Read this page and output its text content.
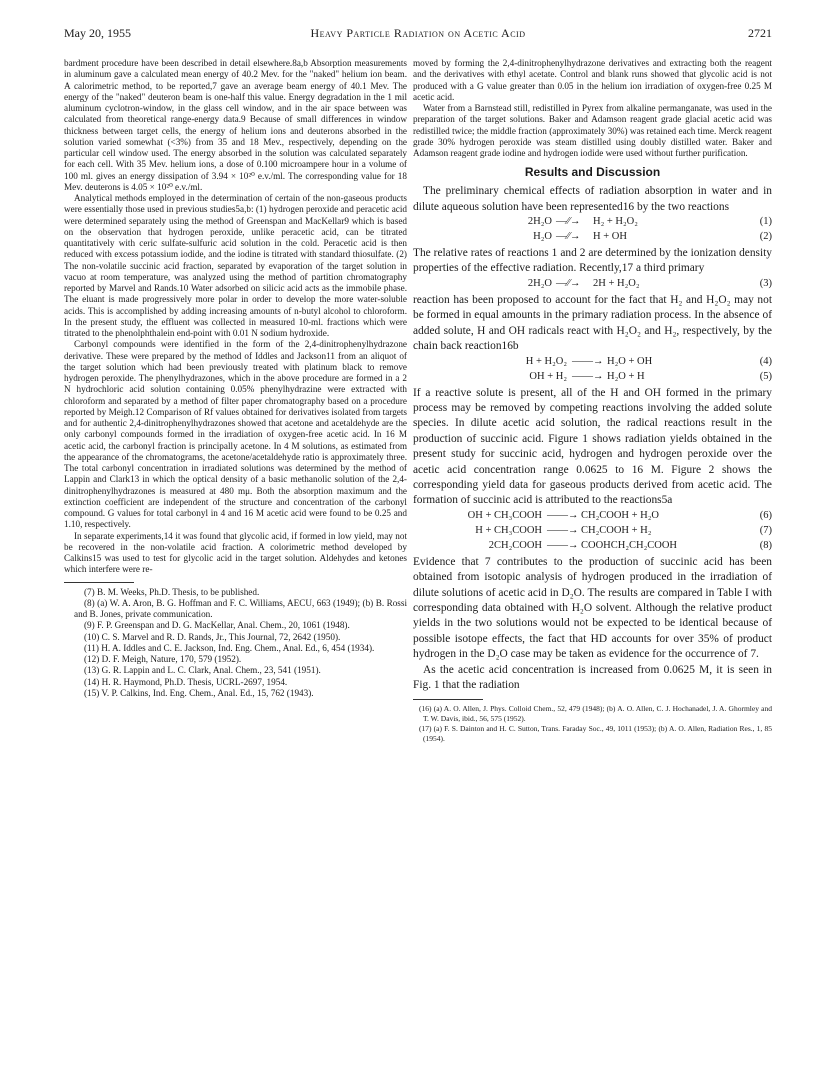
May 20, 1955	Heavy Particle Radiation on Acetic Acid	2721

bardment procedure have been described in detail elsewhere.8a,b Absorption measurements in aluminum gave a calculated mean energy of 40.2 Mev. for the "naked" helium ion beam. A calorimetric method, to be reported,7 gave an average beam energy of 40.1 Mev. The energy of the "naked" deuteron beam is one-half this value. Energy degradation in the 1 mil aluminum cyclotron-window, in the glass cell window, and in the air space between was calculated from theoretical range-energy data.9 Because of small differences in window thickness between target cells, the energy of helium ions and deuterons absorbed in the solution varied somewhat (<3%) from 35 and 18 Mev., respectively, depending on the particular cell window used. The energy absorbed in the solution was calculated separately for each cell. With 35 Mev. helium ions, a dose of 0.100 microampere hour in a volume of 100 ml. gives an energy dissipation of 3.94 × 10²⁰ e.v./ml. The corresponding value for 18 Mev. deuterons is 4.05 × 10²⁰ e.v./ml.

Analytical methods employed in the determination of certain of the non-gaseous products were essentially those used in previous studies5a,b: (1) hydrogen peroxide and peracetic acid were determined separately using the method of Greenspan and MacKellar9 which is based on the observation that hydrogen peroxide, unlike peracetic acid, can be titrated quantitatively with ceric sulfate-sulfuric acid solution in the cold. Peracetic acid is then reduced with excess potassium iodide, and the iodine is titrated with standard thiosulfate. (2) The non-volatile succinic acid fraction, separated by evaporation of the target solution in vacuo at room temperature, was analyzed using the method of partition chromatography reported by Marvel and Rands.10 Water adsorbed on silicic acid acts as the immobile phase. The eluant is made progressively more polar in order to develop the more water-soluble acids. This is accomplished by adding increasing amounts of n-butyl alcohol to chloroform. In the present study, the effluent was collected in measured 10-ml. fractions which were titrated to the phenolphthalein end-point with 0.01 N sodium hydroxide.

Carbonyl compounds were identified in the form of the 2,4-dinitrophenylhydrazone derivative. These were prepared by the method of Iddles and Jackson11 from an aliquot of the target solution which had been previously treated with platinum black to remove hydrogen peroxide. The phenylhydrazones, which in the above procedure are formed in a 2 N hydrochloric acid solution containing 0.05% phenylhydrazine were extracted with chloroform and separated by a method of filter paper chromatography based on a procedure reported by Meigh.12 Comparison of Rf values obtained for derivatives isolated from targets and for authentic 2,4-dinitrophenylhydrazones showed that acetone and acetaldehyde are the only carbonyl compounds formed in the irradiation of oxygen-free acetic acid. In 16 M acetic acid, the carbonyl fraction is principally acetone. In 4 M solutions, as estimated from the appearance of the chromatograms, the acetone/acetaldehyde ratio is approximately three. The total carbonyl concentration in irradiated solutions was determined by the method of Lappin and Clark13 in which the optical density of a basic methanolic solution of the 2,4-dinitrophenylhydrazones is measured at 480 mμ. Both the absorption maximum and the extinction coefficient are independent of the structure and concentration of the carbonyl compound. G values for total carbonyl in 4 and 16 M acetic acid were found to be 0.25 and 1.10, respectively.

In separate experiments,14 it was found that glycolic acid, if formed in low yield, may not be recovered in the non-volatile acid fraction. A colorimetric method developed by Calkins15 was used to test for glycolic acid in the target solution. Aldehydes and ketones which interfere were re-

(7) B. M. Weeks, Ph.D. Thesis, to be published.

(8) (a) W. A. Aron, B. G. Hoffman and F. C. Williams, AECU, 663 (1949); (b) B. Rossi and B. Jones, private communication.

(9) F. P. Greenspan and D. G. MacKellar, Anal. Chem., 20, 1061 (1948).

(10) C. S. Marvel and R. D. Rands, Jr., This Journal, 72, 2642 (1950).

(11) H. A. Iddles and C. E. Jackson, Ind. Eng. Chem., Anal. Ed., 6, 454 (1934).

(12) D. F. Meigh, Nature, 170, 579 (1952).

(13) G. R. Lappin and L. C. Clark, Anal. Chem., 23, 541 (1951).

(14) H. R. Haymond, Ph.D. Thesis, UCRL-2697, 1954.

(15) V. P. Calkins, Ind. Eng. Chem., Anal. Ed., 15, 762 (1943).

moved by forming the 2,4-dinitrophenylhydrazone derivatives and extracting both the reagent and the derivatives with ethyl acetate. Control and blank runs showed that glycolic acid is not produced with a G value greater than 0.05 in the helium ion irradiation of oxygen-free 0.25 M acetic acid.

Water from a Barnstead still, redistilled in Pyrex from alkaline permanganate, was used in the preparation of the target solutions. Baker and Adamson reagent grade glacial acetic acid was redistilled twice; the middle fraction (approximately 30%) was retained each time. Merck reagent grade 30% hydrogen peroxide was steam distilled using doubly distilled water. Baker and Adamson reagent grade iodine and hydrogen iodide were used without further purification.

Results and Discussion

The preliminary chemical effects of radiation absorption in water and in dilute aqueous solution have been represented16 by the two reactions

2H₂O —⁄⁄→ H₂ + H₂O₂	(1)
H₂O —⁄⁄→ H + OH	(2)

The relative rates of reactions 1 and 2 are determined by the ionization density properties of the effective radiation. Recently,17 a third primary

2H₂O —⁄⁄→ 2H + H₂O₂	(3)

reaction has been proposed to account for the fact that H₂ and H₂O₂ may not be formed in equal amounts in the primary radiation process. In the absence of added solute, H and OH radicals react with H₂O₂ and H₂, respectively, by the chain back reaction16b

H + H₂O₂ ——→ H₂O + OH	(4)
OH + H₂ ——→ H₂O + H	(5)

If a reactive solute is present, all of the H and OH formed in the primary process may be removed by competing reactions involving the added solute species. In dilute acetic acid solution, the radical reactions result in the production of succinic acid. Figure 1 shows radiation yields obtained in the present study for succinic acid, hydrogen and hydrogen peroxide over the acetic acid concentration range 0.0625 to 16 M. Figure 2 shows the corresponding yield data for gaseous products derived from acetic acid. The formation of succinic acid is attributed to the reactions5a

OH + CH₃COOH ——→ CH₂COOH + H₂O	(6)
H + CH₃COOH ——→ CH₂COOH + H₂	(7)
2CH₂COOH ——→ COOHCH₂CH₂COOH	(8)

Evidence that 7 contributes to the production of succinic acid has been obtained from isotopic analysis of hydrogen produced in the irradiation of dilute solutions of acetic acid in D₂O. The results are compared in Table I with corresponding data obtained with H₂O solvent. Although the relative product yields in the two solutions would not be expected to be identical because of possible isotope effects, the fact that HD accounts for over 35% of product hydrogen in the D₂O case may be taken as evidence for the occurrence of 7.

As the acetic acid concentration is increased from 0.0625 M, it is seen in Fig. 1 that the radiation

(16) (a) A. O. Allen, J. Phys. Colloid Chem., 52, 479 (1948); (b) A. O. Allen, C. J. Hochanadel, J. A. Ghormley and T. W. Davis, ibid., 56, 575 (1952).

(17) (a) F. S. Dainton and H. C. Sutton, Trans. Faraday Soc., 49, 1011 (1953); (b) A. O. Allen, Radiation Res., 1, 85 (1954).
